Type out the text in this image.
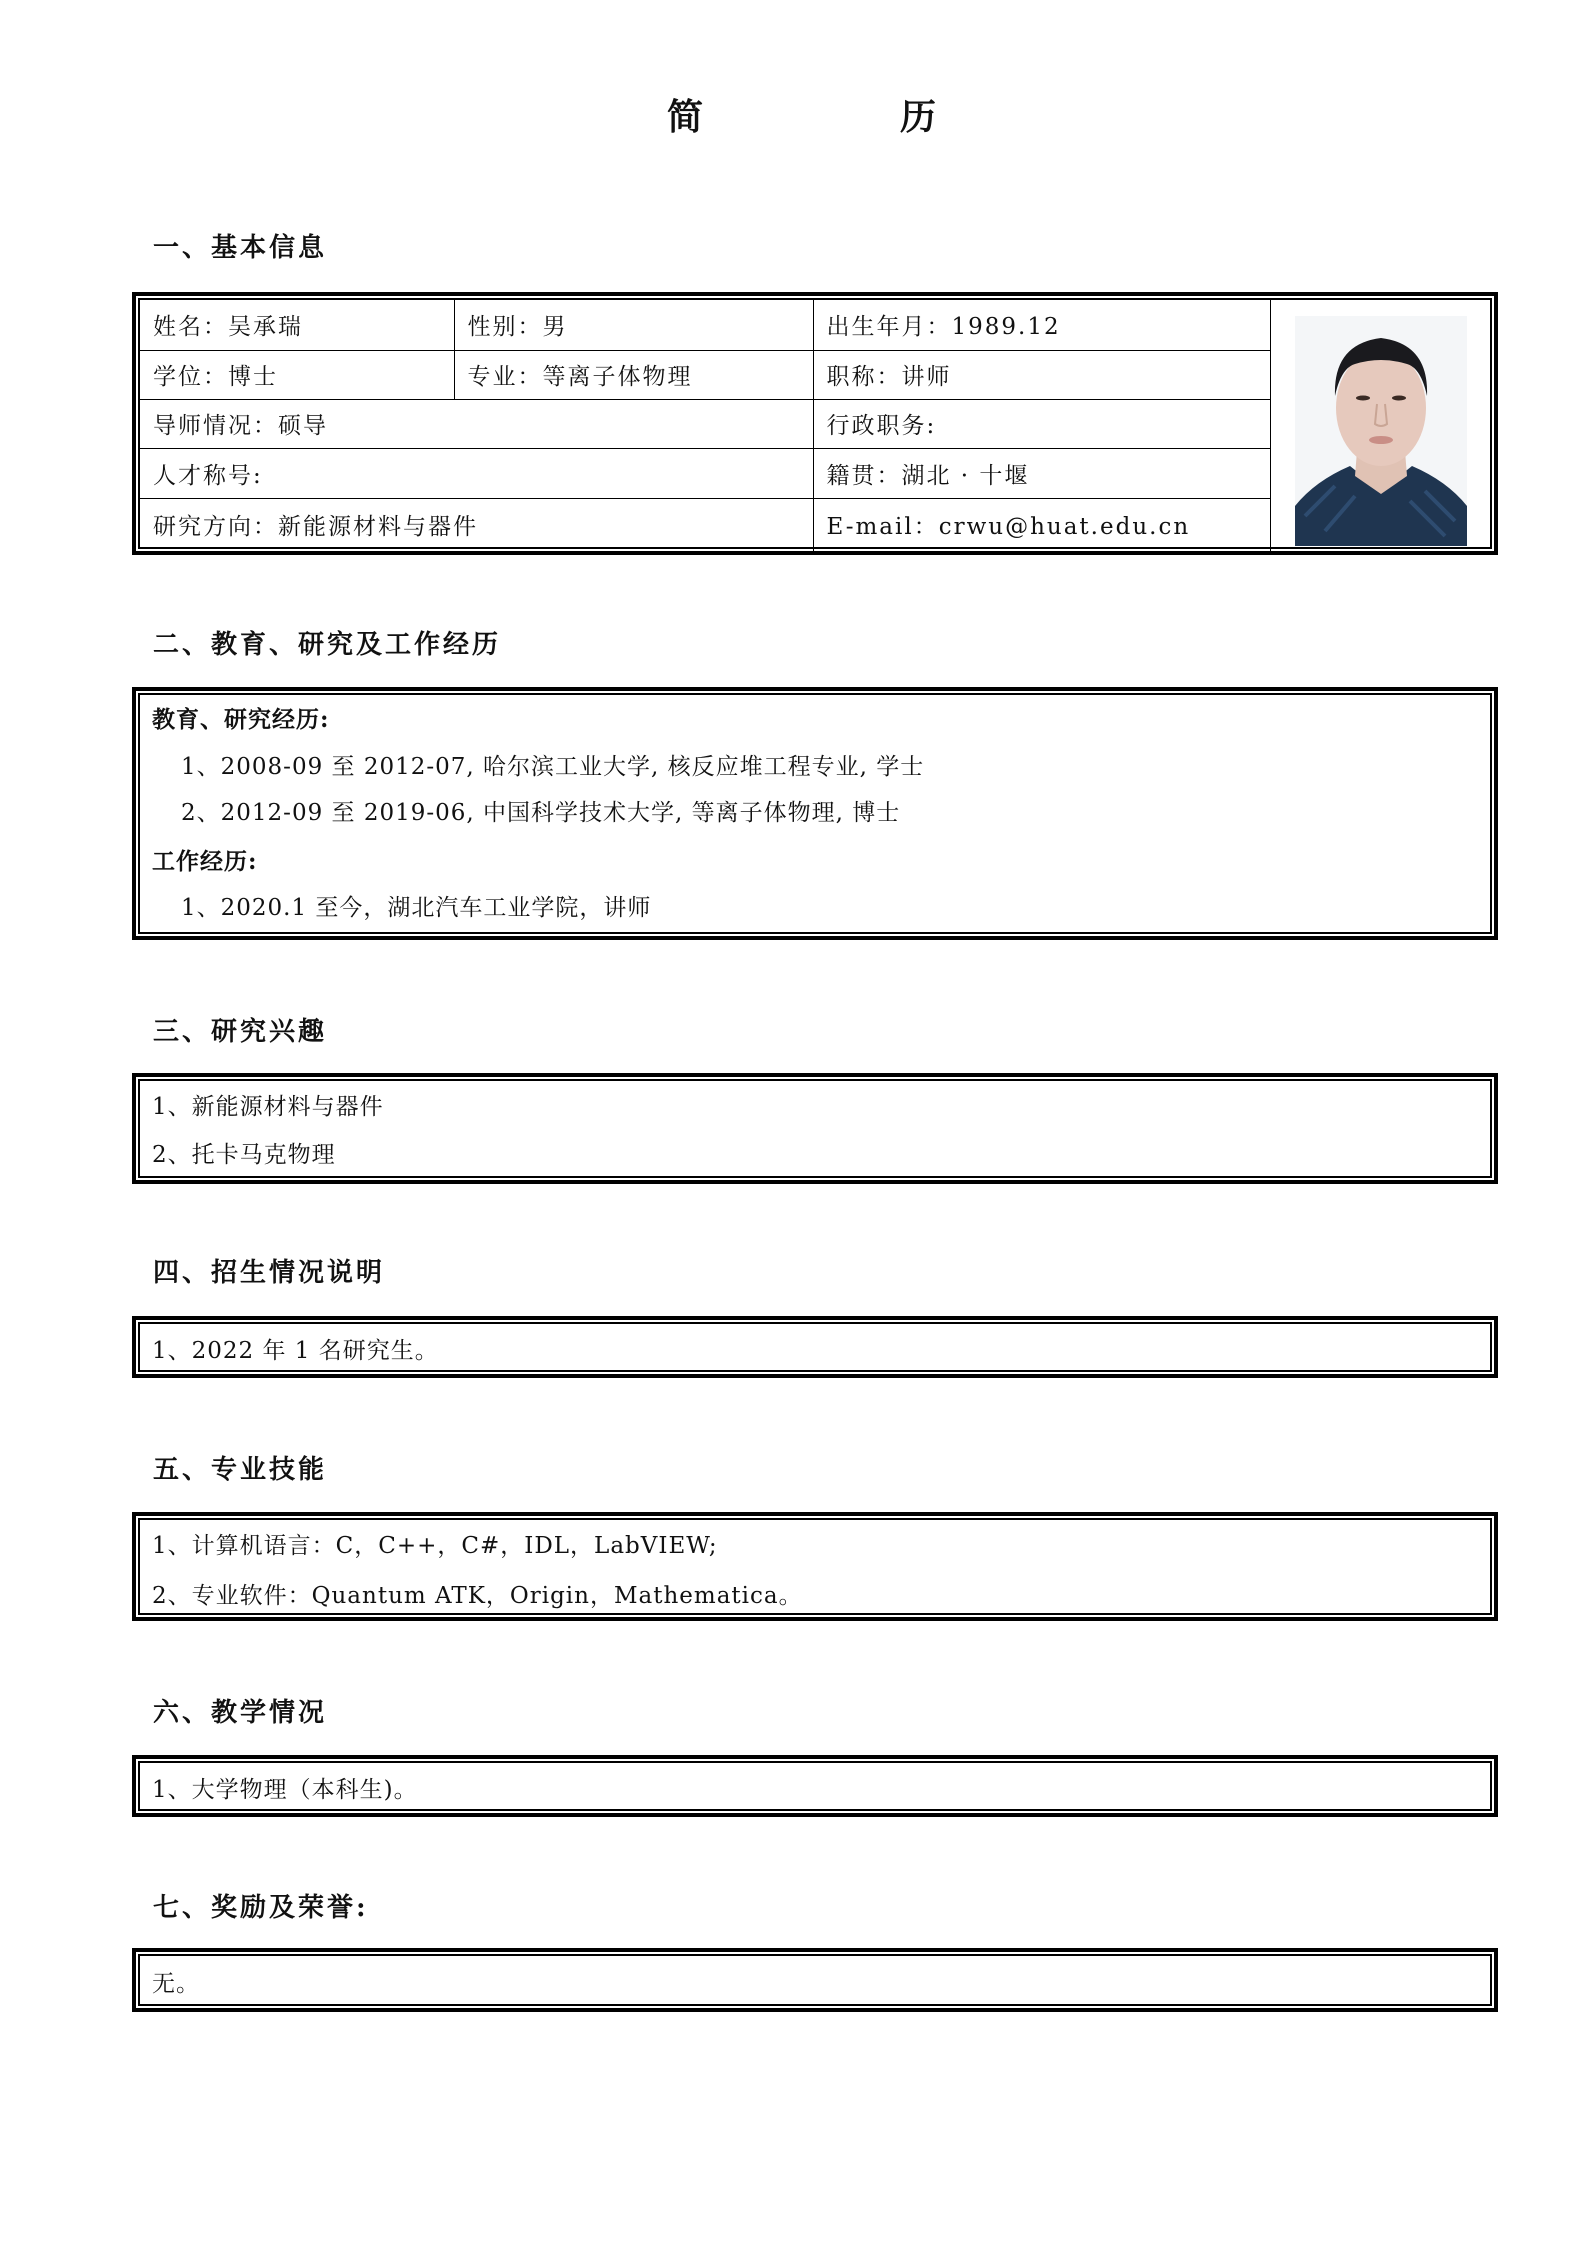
简	历
一、基本信息
姓名：吴承瑞	性别：男	出生年月：1989.12	

学位：博士	专业：等离子体物理	职称：讲师	
导师情况：硕导		行政职务:	
人才称号:		籍贯：湖北 · 十堰	
研究方向：新能源材料与器件		E-mail：crwu@huat.edu.cn	
二、教育、研究及工作经历
教育、研究经历:
1、2008-09 至 2012-07, 哈尔滨工业大学, 核反应堆工程专业, 学士
2、2012-09 至 2019-06, 中国科学技术大学, 等离子体物理, 博士
工作经历:
1、2020.1 至今，湖北汽车工业学院，讲师
三、研究兴趣
1、新能源材料与器件
2、托卡马克物理
四、招生情况说明
1、2022 年 1 名研究生。
五、专业技能
1、计算机语言：C，C++，C#，IDL，LabVIEW;
2、专业软件：Quantum ATK，Origin，Mathematica。
六、教学情况
1、大学物理（本科生)。
七、奖励及荣誉:
无。
